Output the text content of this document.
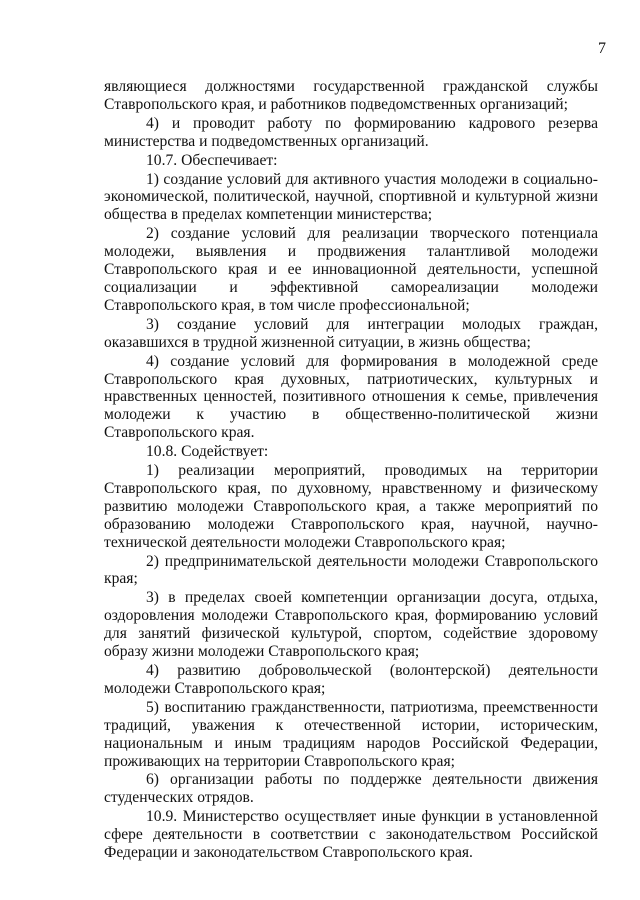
7

являющиеся должностями государственной гражданской службы Ставропольского края, и работников подведомственных организаций;

4) и проводит работу по формированию кадрового резерва министерства и подведомственных организаций.

10.7. Обеспечивает:

1) создание условий для активного участия молодежи в социально-экономической, политической, научной, спортивной и культурной жизни общества в пределах компетенции министерства;

2) создание условий для реализации творческого потенциала молодежи, выявления и продвижения талантливой молодежи Ставропольского края и ее инновационной деятельности, успешной социализации и эффективной самореализации молодежи Ставропольского края, в том числе профессиональной;

3) создание условий для интеграции молодых граждан, оказавшихся в трудной жизненной ситуации, в жизнь общества;

4) создание условий для формирования в молодежной среде Ставропольского края духовных, патриотических, культурных и нравственных ценностей, позитивного отношения к семье, привлечения молодежи к участию в общественно-политической жизни Ставропольского края.

10.8. Содействует:

1) реализации мероприятий, проводимых на территории Ставропольского края, по духовному, нравственному и физическому развитию молодежи Ставропольского края, а также мероприятий по образованию молодежи Ставропольского края, научной, научно-технической деятельности молодежи Ставропольского края;

2) предпринимательской деятельности молодежи Ставропольского края;

3) в пределах своей компетенции организации досуга, отдыха, оздоровления молодежи Ставропольского края, формированию условий для занятий физической культурой, спортом, содействие здоровому образу жизни молодежи Ставропольского края;

4) развитию добровольческой (волонтерской) деятельности молодежи Ставропольского края;

5) воспитанию гражданственности, патриотизма, преемственности традиций, уважения к отечественной истории, историческим, национальным и иным традициям народов Российской Федерации, проживающих на территории Ставропольского края;

6) организации работы по поддержке деятельности движения студенческих отрядов.

10.9. Министерство осуществляет иные функции в установленной сфере деятельности в соответствии с законодательством Российской Федерации и законодательством Ставропольского края.
